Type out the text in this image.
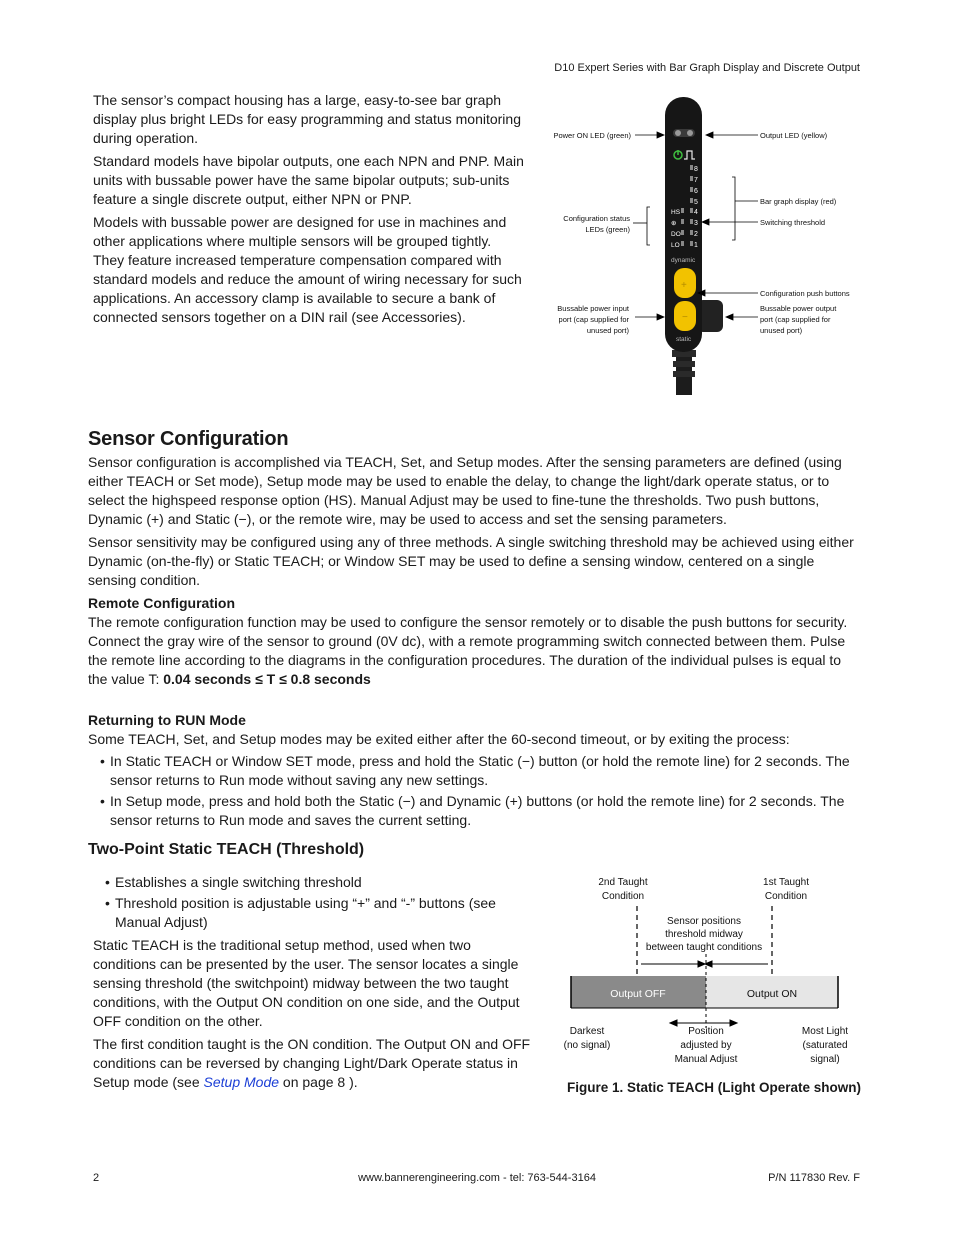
D10 Expert Series with Bar Graph Display and Discrete Output

The sensor’s compact housing has a large, easy-to-see bar graph display plus bright LEDs for easy programming and status monitoring during operation.

Standard models have bipolar outputs, one each NPN and PNP. Main units with bussable power have the same bipolar outputs; sub-units feature a single discrete output, either NPN or PNP.

Models with bussable power are designed for use in machines and other applications where multiple sensors will be grouped tightly. They feature increased temperature compensation compared with standard models and reduce the amount of wiring necessary for such applications. An accessory clamp is available to secure a bank of connected sensors together on a DIN rail (see Accessories).

8
7
6
5
4
3
2
1
HS
⊕
DO
LO
dynamic
+
−
static
Power ON LED (green)	Output LED (yellow)
Bar graph display (red)
Switching threshold
Configuration status
LEDs (green)
Configuration push buttons
Bussable power input
port (cap supplied for
unused port)
Bussable power output
port (cap supplied for
unused port)
Sensor Configuration

Sensor configuration is accomplished via TEACH, Set, and Setup modes. After the sensing parameters are defined (using either TEACH or Set mode), Setup mode may be used to enable the delay, to change the light/dark operate status, or to select the highspeed response option (HS). Manual Adjust may be used to fine-tune the thresholds. Two push buttons, Dynamic (+) and Static (−), or the remote wire, may be used to access and set the sensing parameters.

Sensor sensitivity may be configured using any of three methods. A single switching threshold may be achieved using either Dynamic (on-the-fly) or Static TEACH; or Window SET may be used to define a sensing window, centered on a single sensing condition.

Remote Configuration

The remote configuration function may be used to configure the sensor remotely or to disable the push buttons for security. Connect the gray wire of the sensor to ground (0V dc), with a remote programming switch connected between them. Pulse the remote line according to the diagrams in the configuration procedures. The duration of the individual pulses is equal to the value T: 0.04 seconds ≤ T ≤ 0.8 seconds

Returning to RUN Mode

Some TEACH, Set, and Setup modes may be exited either after the 60-second timeout, or by exiting the process:

• In Static TEACH or Window SET mode, press and hold the Static (−) button (or hold the remote line) for 2 seconds. The sensor returns to Run mode without saving any new settings.
• In Setup mode, press and hold both the Static (−) and Dynamic (+) buttons (or hold the remote line) for 2 seconds. The sensor returns to Run mode and saves the current setting.
Two-Point Static TEACH (Threshold)
• Establishes a single switching threshold
• Threshold position is adjustable using “+” and “-” buttons (see Manual Adjust)

Static TEACH is the traditional setup method, used when two conditions can be presented by the user. The sensor locates a single sensing threshold (the switchpoint) midway between the two taught conditions, with the Output ON condition on one side, and the Output OFF condition on the other.

The first condition taught is the ON condition. The Output ON and OFF conditions can be reversed by changing Light/Dark Operate status in Setup mode (see Setup Mode on page 8 ).

2nd Taught
Condition
1st Taught
Condition
Sensor positions
threshold midway
between taught conditions
Output OFF	Output ON
Darkest
(no signal)
Position
adjusted by
Manual Adjust
Most Light
(saturated
signal)
Figure 1. Static TEACH (Light Operate shown)
2	www.bannerengineering.com - tel: 763-544-3164	P/N 117830 Rev. F
